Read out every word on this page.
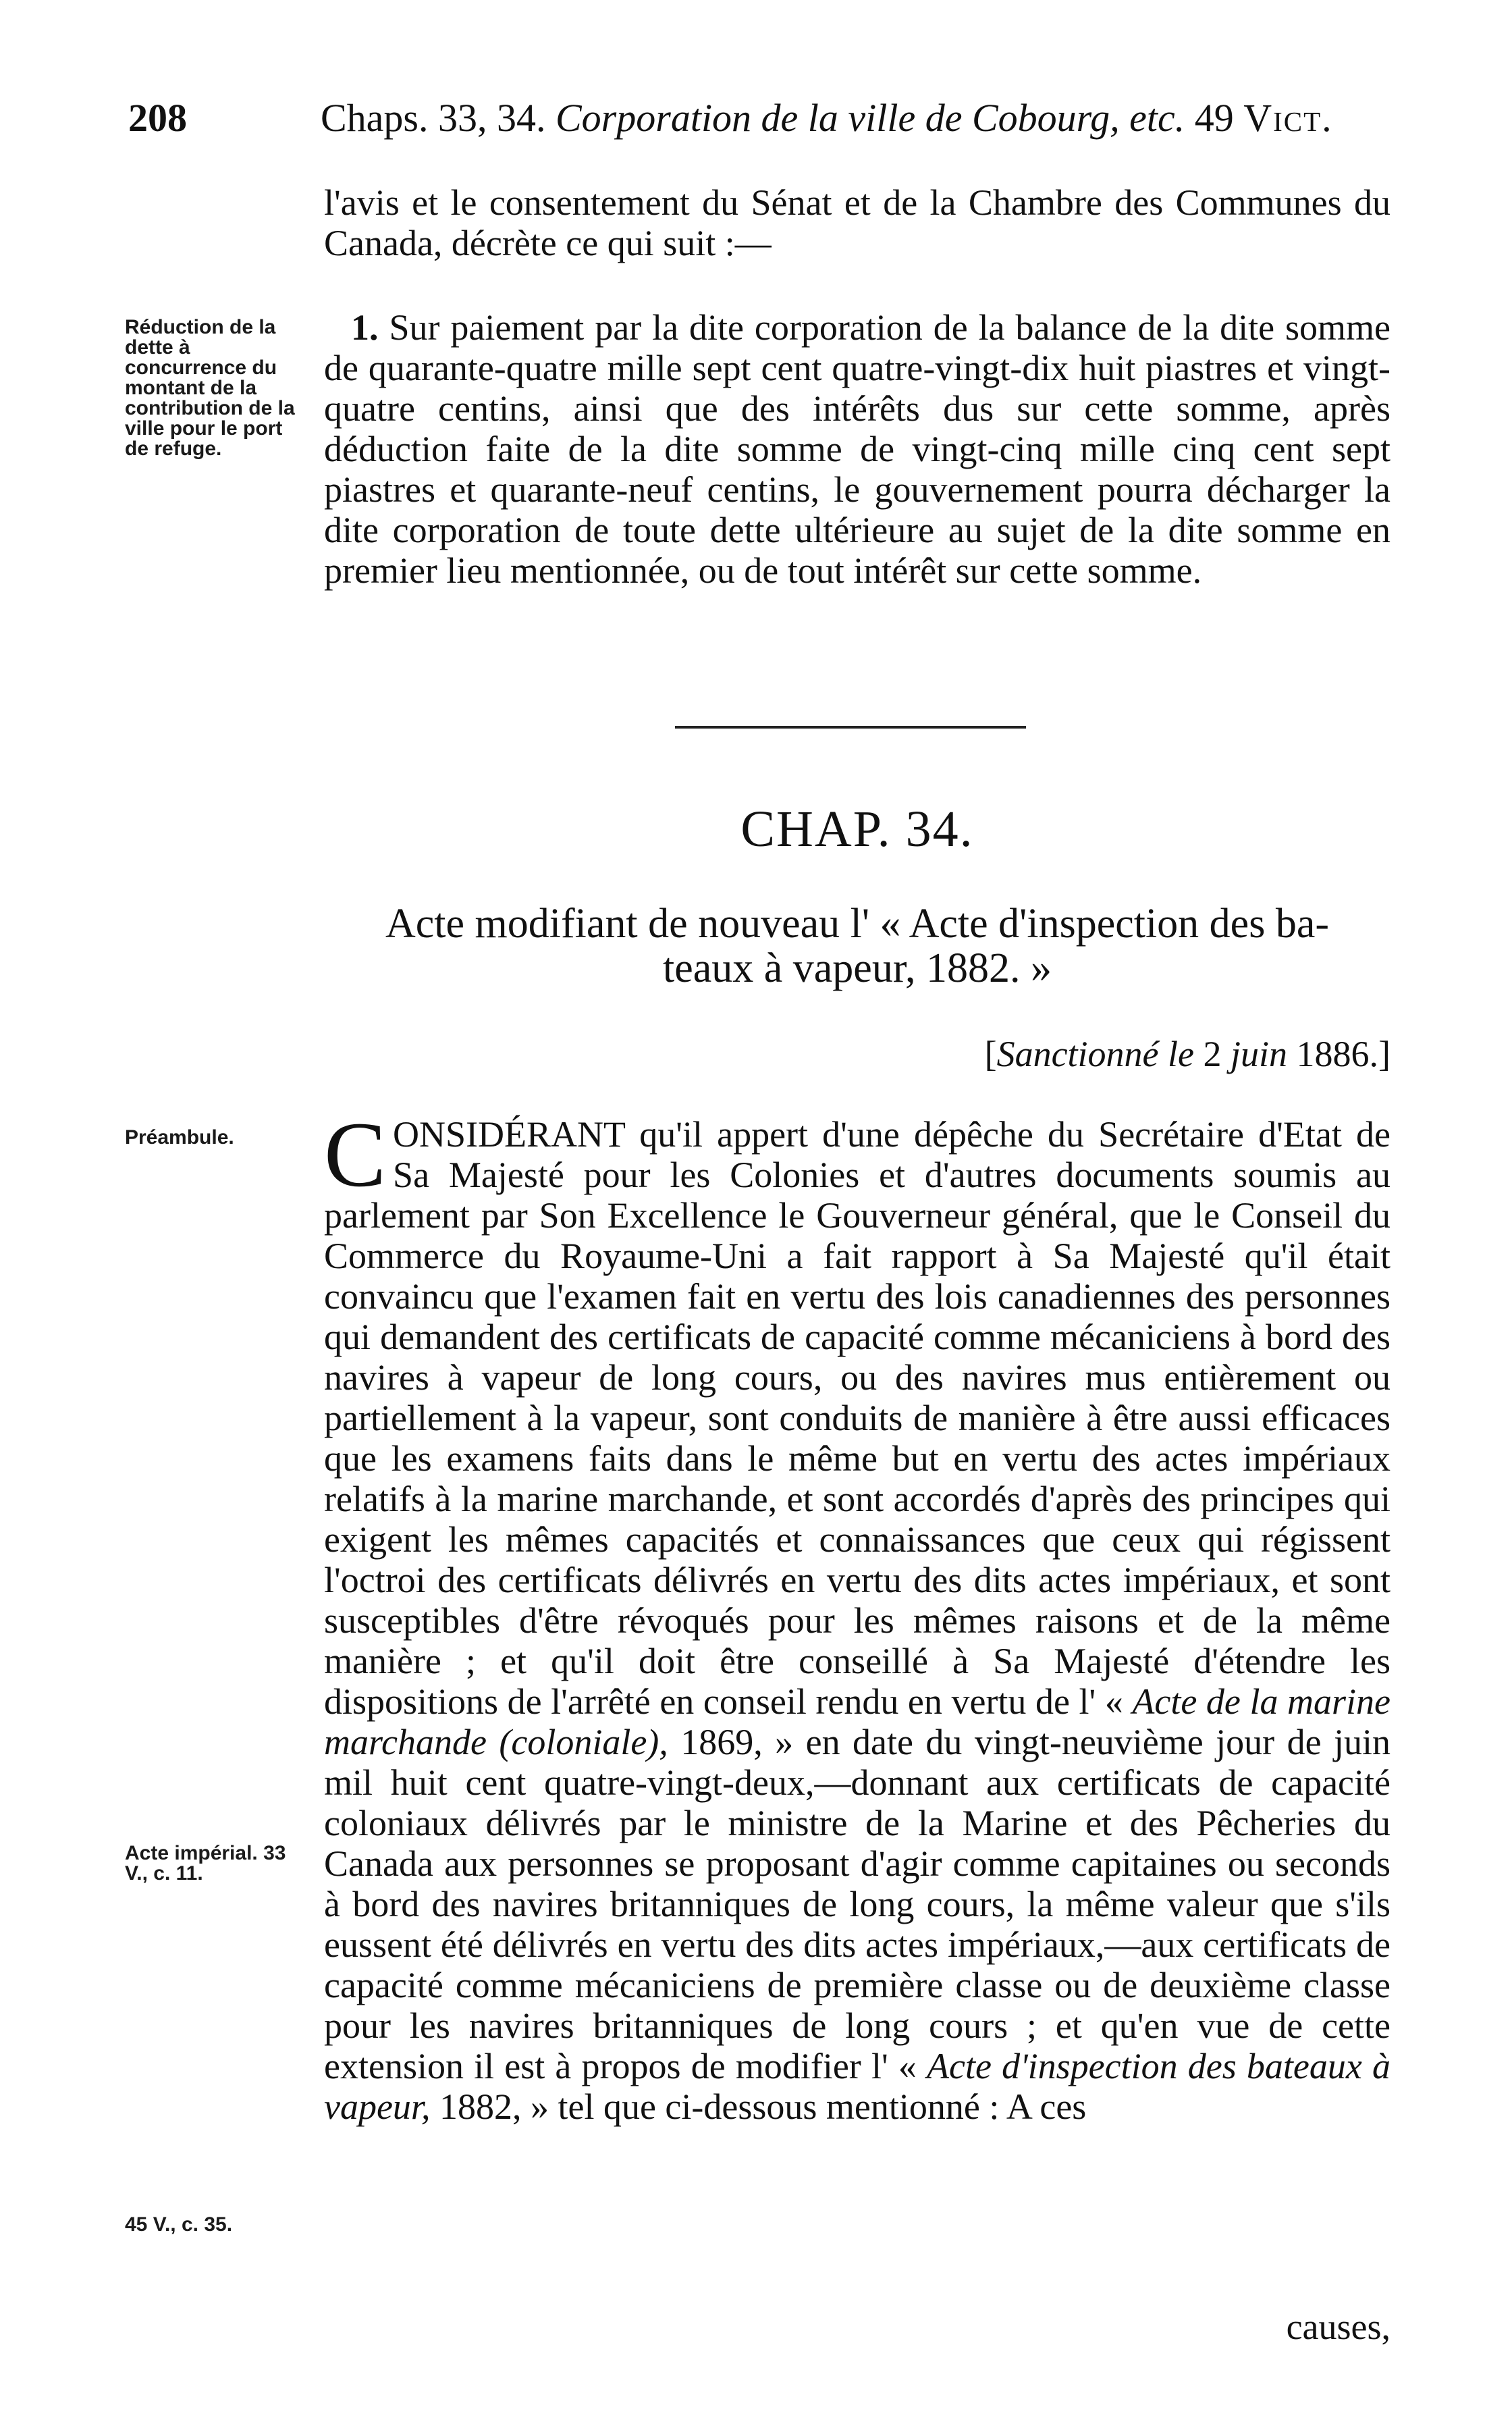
208	Chaps. 33, 34. Corporation de la ville de Cobourg, etc. 49 Vict.

l'avis et le consentement du Sénat et de la Chambre des Communes du Canada, décrète ce qui suit :—

Réduction de la dette à concurrence du montant de la contribution de la ville pour le port de refuge.

1. Sur paiement par la dite corporation de la balance de la dite somme de quarante-quatre mille sept cent quatre-vingt-dix huit piastres et vingt-quatre centins, ainsi que des intérêts dus sur cette somme, après déduction faite de la dite somme de vingt-cinq mille cinq cent sept piastres et quarante-neuf centins, le gouvernement pourra décharger la dite corporation de toute dette ultérieure au sujet de la dite somme en premier lieu mentionnée, ou de tout intérêt sur cette somme.

CHAP. 34.
Acte modifiant de nouveau l' « Acte d'inspection des ba-
teaux à vapeur, 1882. »
[Sanctionné le 2 juin 1886.]
Préambule.
Acte impérial. 33 V., c. 11.
45 V., c. 35.

CONSIDÉRANT qu'il appert d'une dépêche du Secrétaire d'Etat de Sa Majesté pour les Colonies et d'autres documents soumis au parlement par Son Excellence le Gouverneur général, que le Conseil du Commerce du Royaume-Uni a fait rapport à Sa Majesté qu'il était convaincu que l'examen fait en vertu des lois canadiennes des personnes qui demandent des certificats de capacité comme mécaniciens à bord des navires à vapeur de long cours, ou des navires mus entièrement ou partiellement à la vapeur, sont conduits de manière à être aussi efficaces que les examens faits dans le même but en vertu des actes impériaux relatifs à la marine marchande, et sont accordés d'après des principes qui exigent les mêmes capacités et connaissances que ceux qui régissent l'octroi des certificats délivrés en vertu des dits actes impériaux, et sont susceptibles d'être révoqués pour les mêmes raisons et de la même manière ; et qu'il doit être conseillé à Sa Majesté d'étendre les dispositions de l'arrêté en conseil rendu en vertu de l' « Acte de la marine marchande (coloniale), 1869, » en date du vingt-neuvième jour de juin mil huit cent quatre-vingt-deux,—donnant aux certificats de capacité coloniaux délivrés par le ministre de la Marine et des Pêcheries du Canada aux personnes se proposant d'agir comme capitaines ou seconds à bord des navires britanniques de long cours, la même valeur que s'ils eussent été délivrés en vertu des dits actes impériaux,—aux certificats de capacité comme mécaniciens de première classe ou de deuxième classe pour les navires britanniques de long cours ; et qu'en vue de cette extension il est à propos de modifier l' « Acte d'inspection des bateaux à vapeur, 1882, » tel que ci-dessous mentionné : A ces

causes,
